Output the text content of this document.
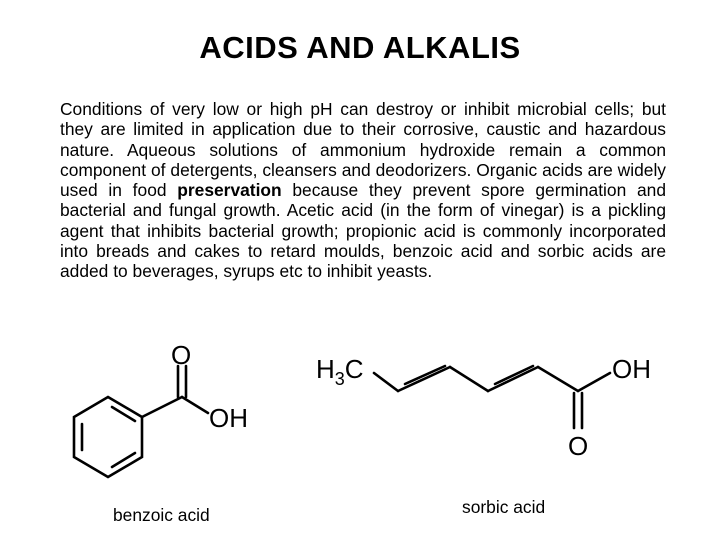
ACIDS AND ALKALIS
Conditions of very low or high pH can destroy or inhibit microbial cells; but they are limited in application due to their corrosive, caustic and hazardous nature. Aqueous solutions of ammonium hydroxide remain a common component of detergents, cleansers and deodorizers. Organic acids are widely used in food preservation because they prevent spore germination and bacterial and fungal growth. Acetic acid (in the form of vinegar) is a pickling agent that inhibits bacterial growth; propionic acid is commonly incorporated into breads and cakes to retard moulds, benzoic acid and sorbic acids are added to beverages, syrups etc to inhibit yeasts.
O
OH
$H_3C$	OH
O
benzoic acid	sorbic acid
